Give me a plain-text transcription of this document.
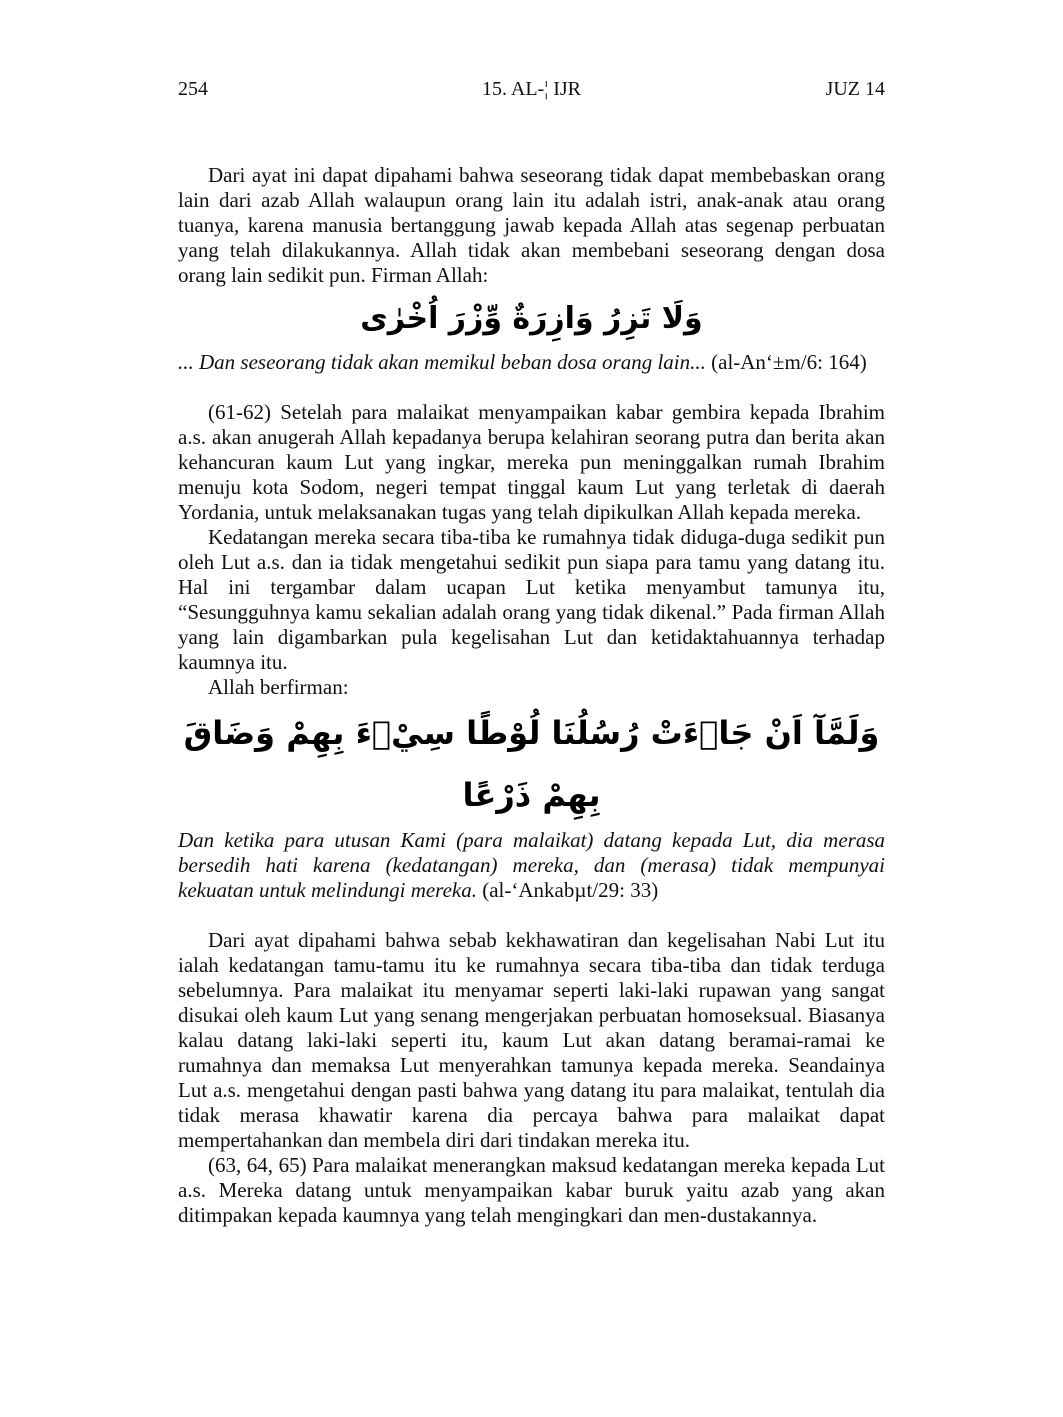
254	15. AL-¦ IJR	JUZ 14

Dari ayat ini dapat dipahami bahwa seseorang tidak dapat membebaskan orang lain dari azab Allah walaupun orang lain itu adalah istri, anak-anak atau orang tuanya, karena manusia bertanggung jawab kepada Allah atas segenap perbuatan yang telah dilakukannya. Allah tidak akan membebani seseorang dengan dosa orang lain sedikit pun. Firman Allah:

وَلَا تَزِرُ وَازِرَةٌ وِّزْرَ اُخْرٰى

... Dan seseorang tidak akan memikul beban dosa orang lain... (al-An‘±m/6: 164)

(61-62) Setelah para malaikat menyampaikan kabar gembira kepada Ibrahim a.s. akan anugerah Allah kepadanya berupa kelahiran seorang putra dan berita akan kehancuran kaum Lut yang ingkar, mereka pun meninggalkan rumah Ibrahim menuju kota Sodom, negeri tempat tinggal kaum Lut yang terletak di daerah Yordania, untuk melaksanakan tugas yang telah dipikulkan Allah kepada mereka.

Kedatangan mereka secara tiba-tiba ke rumahnya tidak diduga-duga sedikit pun oleh Lut a.s. dan ia tidak mengetahui sedikit pun siapa para tamu yang datang itu. Hal ini tergambar dalam ucapan Lut ketika menyambut tamunya itu, “Sesungguhnya kamu sekalian adalah orang yang tidak dikenal.” Pada firman Allah yang lain digambarkan pula kegelisahan Lut dan ketidaktahuannya terhadap kaumnya itu.

Allah berfirman:

وَلَمَّآ اَنْ جَاۤءَتْ رُسُلُنَا لُوْطًا سِيْۤءَ بِهِمْ وَضَاقَ بِهِمْ ذَرْعًا

Dan ketika para utusan Kami (para malaikat) datang kepada Lut, dia merasa bersedih hati karena (kedatangan) mereka, dan (merasa) tidak mempunyai kekuatan untuk melindungi mereka. (al-‘Ankabµt/29: 33)

Dari ayat dipahami bahwa sebab kekhawatiran dan kegelisahan Nabi Lut itu ialah kedatangan tamu-tamu itu ke rumahnya secara tiba-tiba dan tidak terduga sebelumnya. Para malaikat itu menyamar seperti laki-laki rupawan yang sangat disukai oleh kaum Lut yang senang mengerjakan perbuatan homoseksual. Biasanya kalau datang laki-laki seperti itu, kaum Lut akan datang beramai-ramai ke rumahnya dan memaksa Lut menyerahkan tamunya kepada mereka. Seandainya Lut a.s. mengetahui dengan pasti bahwa yang datang itu para malaikat, tentulah dia tidak merasa khawatir karena dia percaya bahwa para malaikat dapat mempertahankan dan membela diri dari tindakan mereka itu.

(63, 64, 65) Para malaikat menerangkan maksud kedatangan mereka kepada Lut a.s. Mereka datang untuk menyampaikan kabar buruk yaitu azab yang akan ditimpakan kepada kaumnya yang telah mengingkari dan men-dustakannya.
